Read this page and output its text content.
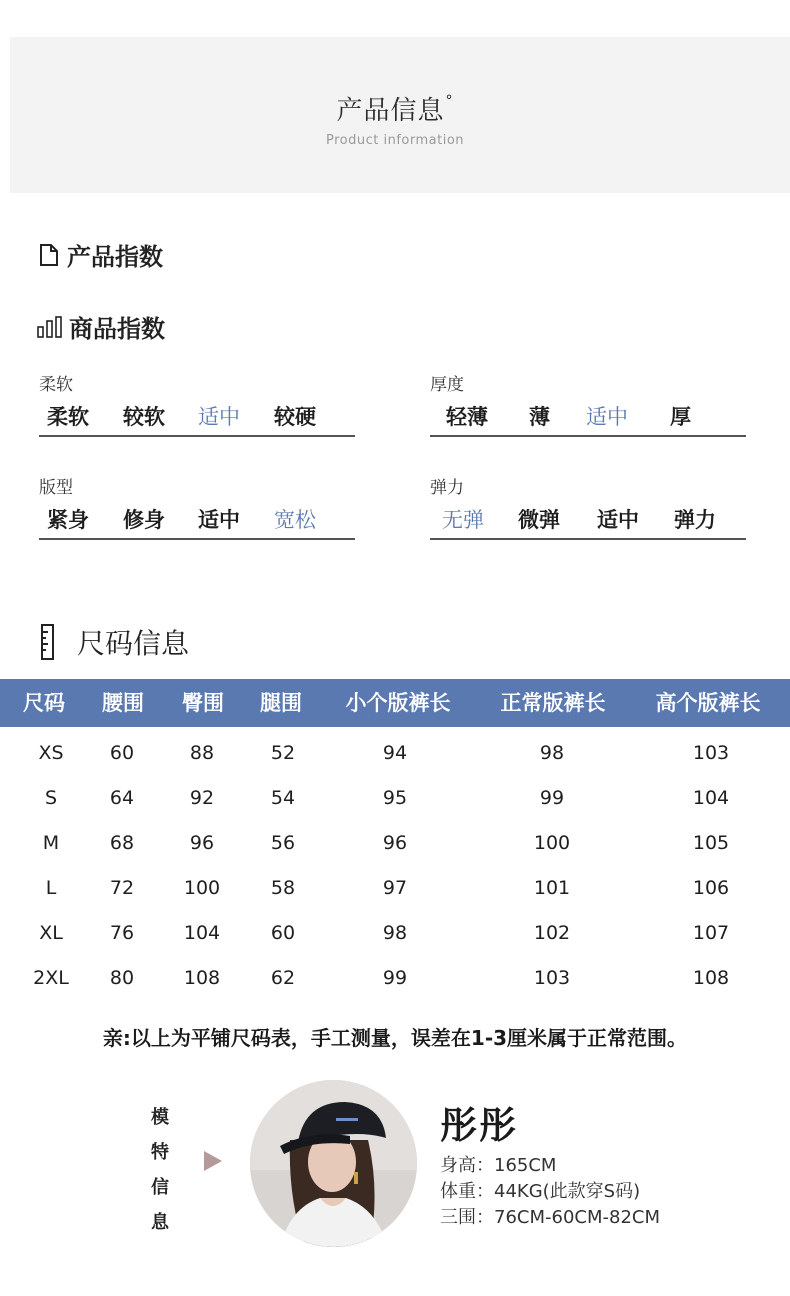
产品信息°
Product information
产品指数
商品指数
柔软
柔软 较软 适中 较硬
厚度
轻薄 薄 适中 厚
版型
紧身 修身 适中 宽松
弹力
无弹 微弹 适中 弹力
尺码信息
尺码 腰围 臀围 腿围 小个版裤长 正常版裤长 高个版裤长
XS 60	88	52	94	98	103
S	64	92	54	95	99	104
M	68	96	56	96	100	105
L	72	100	58	97	101	106
XL 76	104	60	98	102	107
2XL 80	108	62	99	103	108
亲:以上为平铺尺码表，手工测量，误差在1-3厘米属于正常范围。
模
特
信
息
彤彤
身高：165CM
体重：44KG(此款穿S码)
三围：76CM-60CM-82CM
